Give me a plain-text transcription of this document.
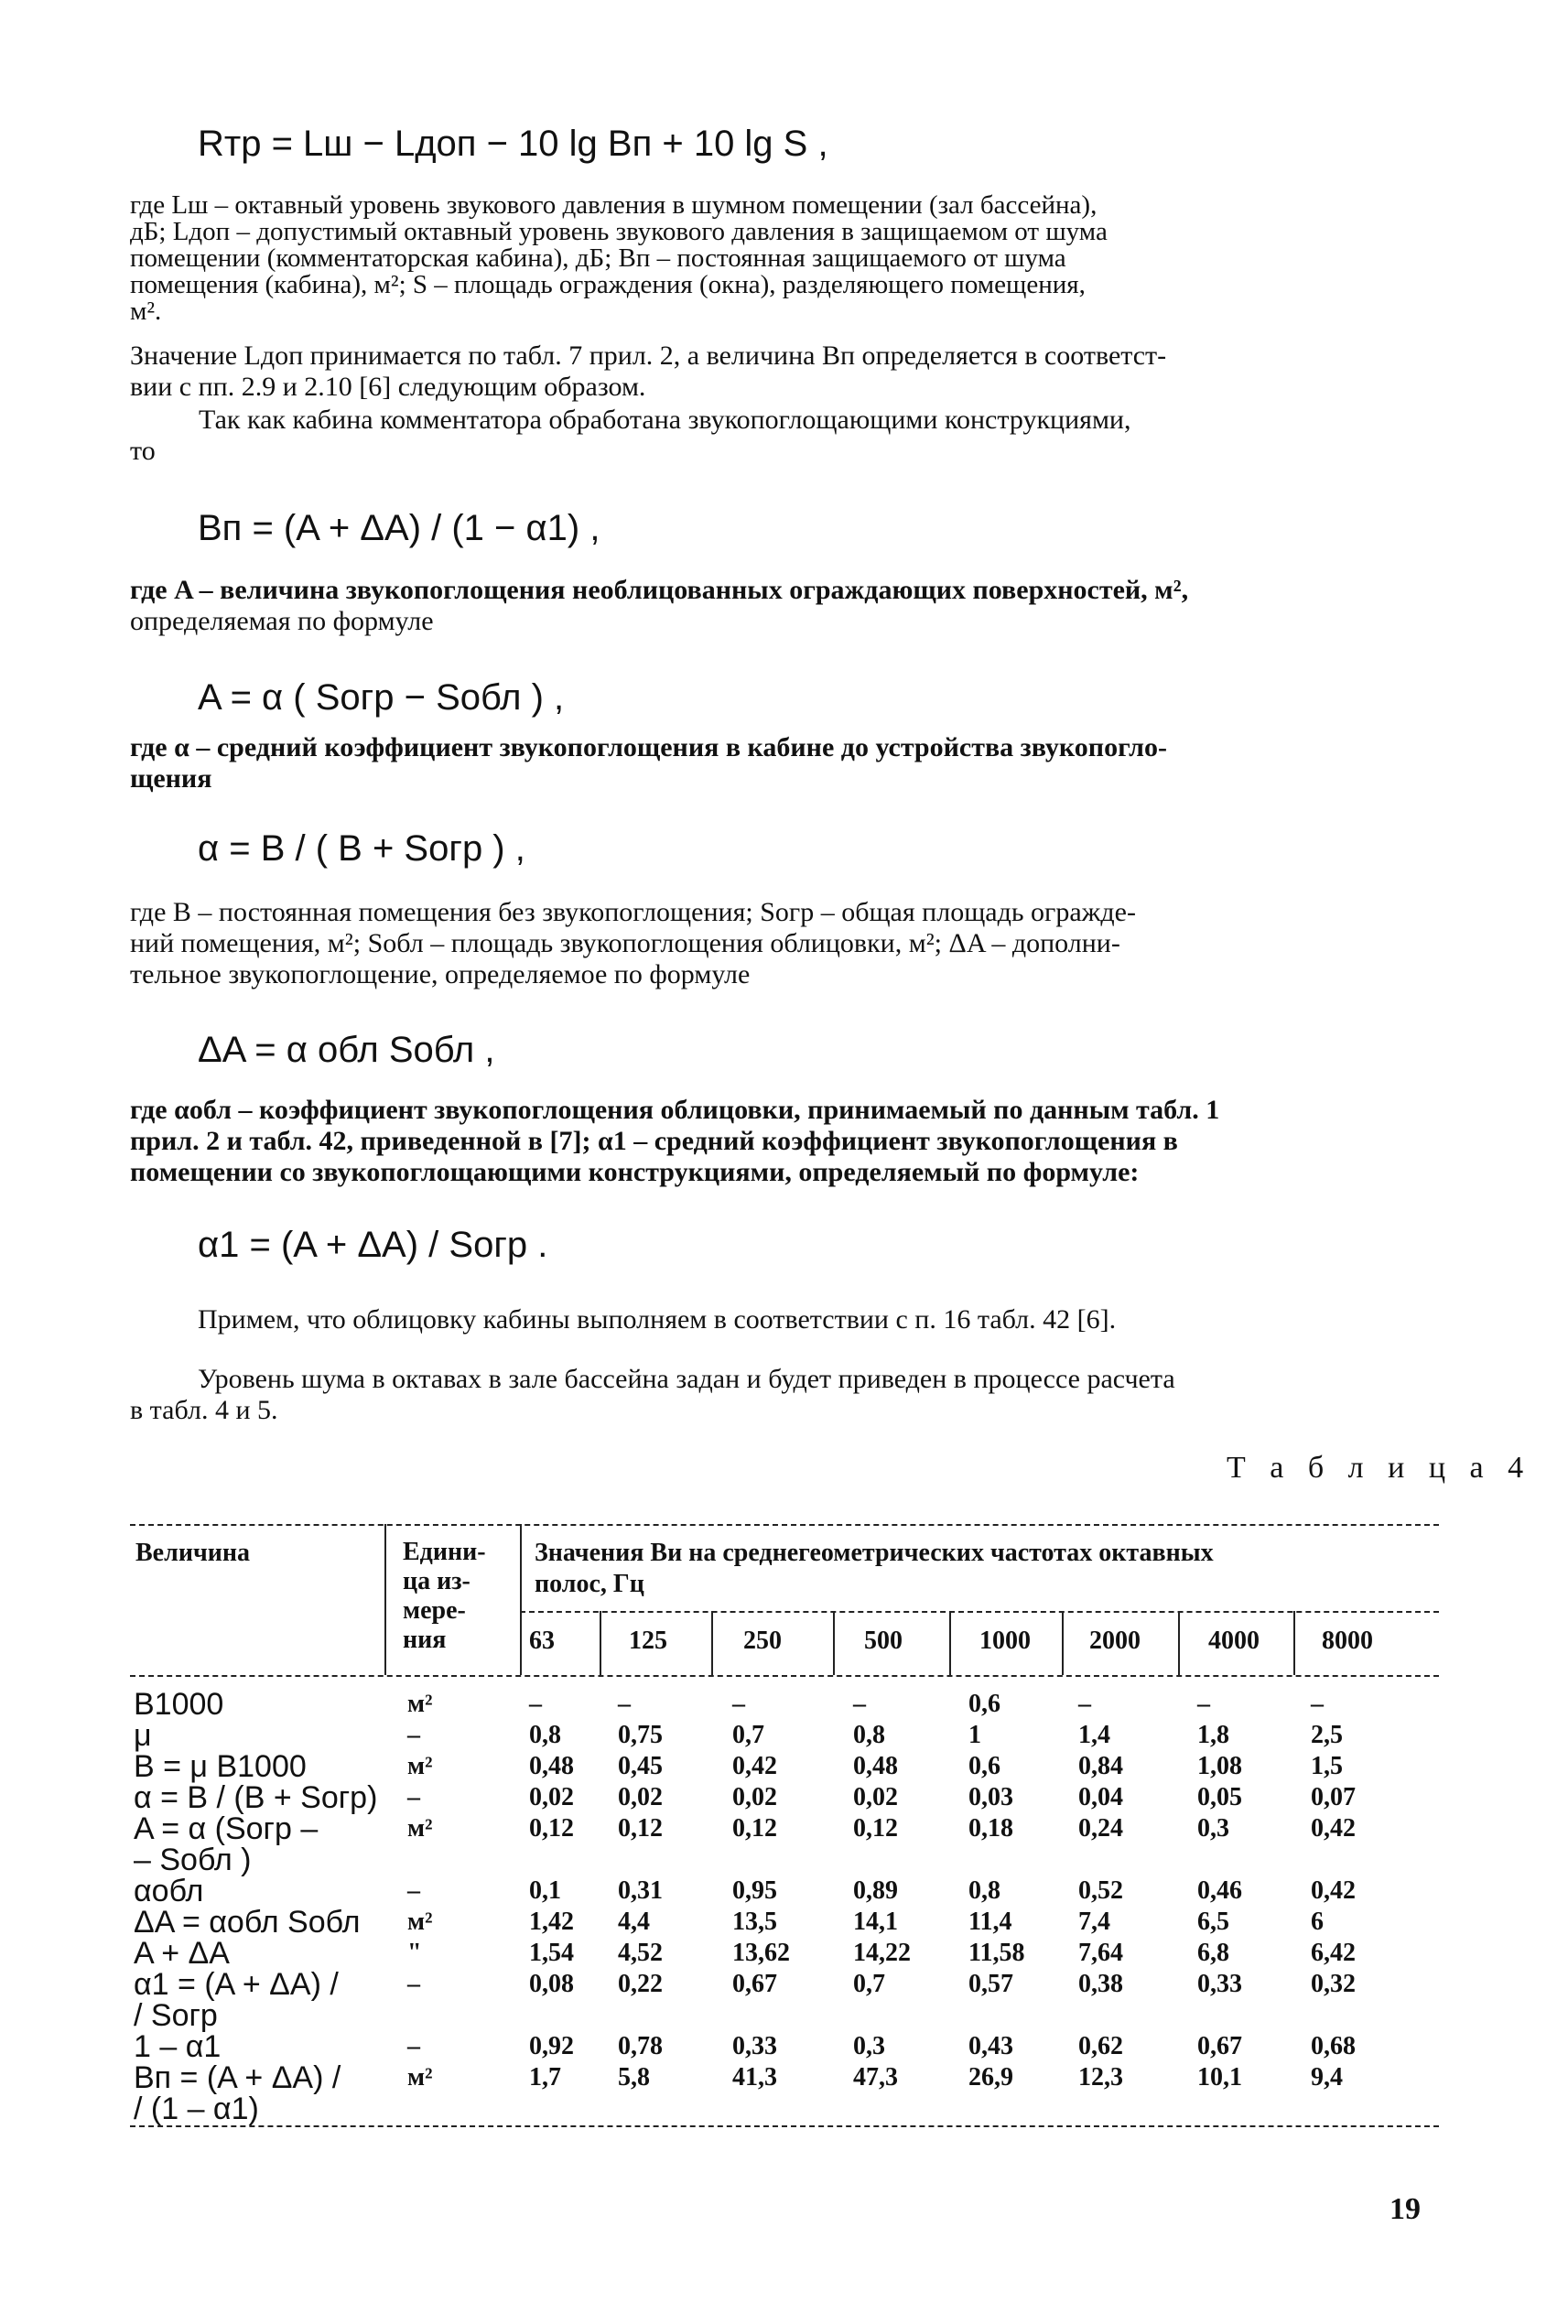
Rтр = Lш − Lдоп − 10 lg Bп + 10 lg S ,
где Lш – октавный уровень звукового давления в шумном помещении (зал бассейна),
дБ; Lдоп – допустимый октавный уровень звукового давления в защищаемом от шума
помещении (комментаторская кабина), дБ; Bп – постоянная защищаемого от шума
помещения (кабина), м²; S – площадь ограждения (окна), разделяющего помещения,
м².
Значение Lдоп принимается по табл. 7 прил. 2, а величина Bп определяется в соответст-
вии с пп. 2.9 и 2.10 [6] следующим образом.
Так как кабина комментатора обработана звукопоглощающими конструкциями,
то
Bп = (A + ΔA) / (1 − α1) ,
где A – величина звукопоглощения необлицованных ограждающих поверхностей, м²,
определяемая по формуле
A = α ( Sогр − Sобл ) ,
где α – средний коэффициент звукопоглощения в кабине до устройства звукопогло-
щения
α = B / ( B + Sогр ) ,
где B – постоянная помещения без звукопоглощения; Sогр – общая площадь огражде-
ний помещения, м²; Sобл – площадь звукопоглощения облицовки, м²; ΔA – дополни-
тельное звукопоглощение, определяемое по формуле
ΔA = α обл Sобл ,
где αобл – коэффициент звукопоглощения облицовки, принимаемый по данным табл. 1
прил. 2 и табл. 42, приведенной в [7]; α1 – средний коэффициент звукопоглощения в
помещении со звукопоглощающими конструкциями, определяемый по формуле:
α1 = (A + ΔA) / Sогр .
Примем, что облицовку кабины выполняем в соответствии с п. 16 табл. 42 [6].
Уровень шума в октавах в зале бассейна задан и будет приведен в процессе расчета
в табл. 4 и 5.
Т а б л и ц а 4
Величина	Едини-
ца из-
мере-
ния
Значения Bи на среднегеометрических частотах октавных
полос, Гц
63	125	250	500	1000 2000	4000 8000
B1000	м²	–	–	–	–	0,6	–	–	–
μ	–	0,8 0,75	0,7	0,8	1	1,4	1,8	2,5
B = μ B1000	м²	0,48 0,45	0,42	0,48	0,6	0,84	1,08	1,5
α = B / (B + Sогр) –	0,02 0,02	0,02	0,02	0,03	0,04	0,05	0,07
A = α (Sогр –
– Sобл )
м²	0,12 0,12	0,12	0,12	0,18	0,24	0,3	0,42
αобл	–	0,1 0,31	0,95	0,89	0,8	0,52	0,46	0,42
ΔA = αобл Sобл м²	1,42 4,4	13,5	14,1	11,4	7,4	6,5	6
A + ΔA	"	1,54 4,52	13,62 14,22 11,58 7,64	6,8	6,42
α1 = (A + ΔA) /
/ Sогр
–	0,08 0,22	0,67	0,7	0,57	0,38	0,33	0,32
1 – α1	–	0,92 0,78	0,33	0,3	0,43	0,62	0,67	0,68
Bп = (A + ΔA) /
/ (1 – α1)
м²	1,7 5,8	41,3	47,3	26,9	12,3	10,1	9,4
19
